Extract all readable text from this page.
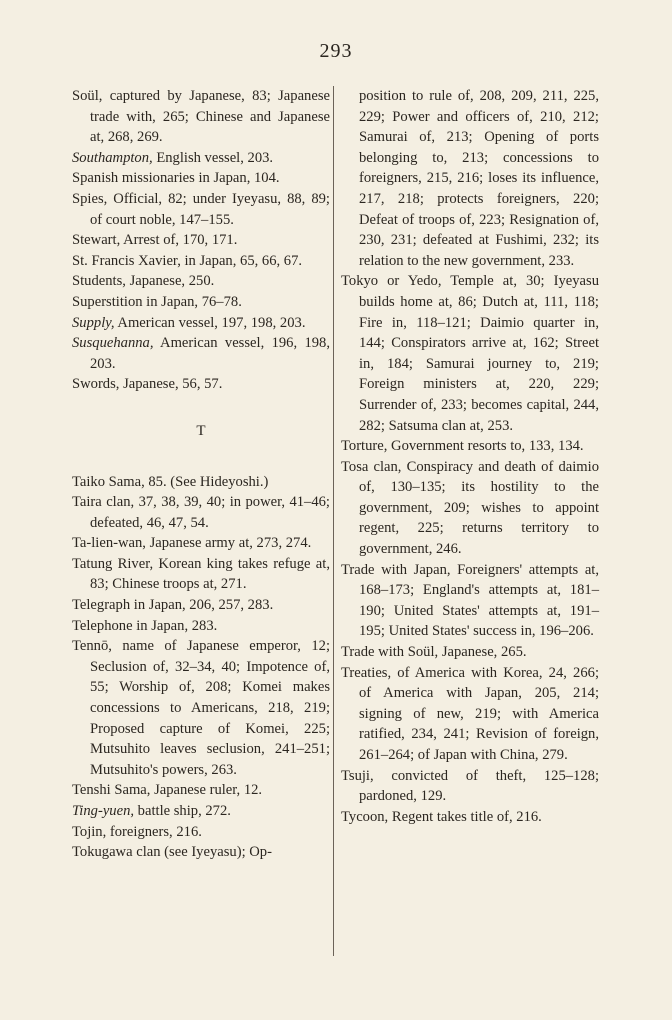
293

Soül, captured by Japanese, 83; Japanese trade with, 265; Chinese and Japanese at, 268, 269.

Southampton, English vessel, 203.

Spanish missionaries in Japan, 104.

Spies, Official, 82; under Iyeyasu, 88, 89; of court noble, 147–155.

Stewart, Arrest of, 170, 171.

St. Francis Xavier, in Japan, 65, 66, 67.

Students, Japanese, 250.

Superstition in Japan, 76–78.

Supply, American vessel, 197, 198, 203.

Susquehanna, American vessel, 196, 198, 203.

Swords, Japanese, 56, 57.

T

Taiko Sama, 85. (See Hideyoshi.)

Taira clan, 37, 38, 39, 40; in power, 41–46; defeated, 46, 47, 54.

Ta-lien-wan, Japanese army at, 273, 274.

Tatung River, Korean king takes refuge at, 83; Chinese troops at, 271.

Telegraph in Japan, 206, 257, 283.

Telephone in Japan, 283.

Tennō, name of Japanese emperor, 12; Seclusion of, 32–34, 40; Impotence of, 55; Worship of, 208; Komei makes concessions to Americans, 218, 219; Proposed capture of Komei, 225; Mutsuhito leaves seclusion, 241–251; Mutsuhito's powers, 263.

Tenshi Sama, Japanese ruler, 12.

Ting-yuen, battle ship, 272.

Tojin, foreigners, 216.

Tokugawa clan (see Iyeyasu); Op-

position to rule of, 208, 209, 211, 225, 229; Power and officers of, 210, 212; Samurai of, 213; Opening of ports belonging to, 213; concessions to foreigners, 215, 216; loses its influence, 217, 218; protects foreigners, 220; Defeat of troops of, 223; Resignation of, 230, 231; defeated at Fushimi, 232; its relation to the new government, 233.

Tokyo or Yedo, Temple at, 30; Iyeyasu builds home at, 86; Dutch at, 111, 118; Fire in, 118–121; Daimio quarter in, 144; Conspirators arrive at, 162; Street in, 184; Samurai journey to, 219; Foreign ministers at, 220, 229; Surrender of, 233; becomes capital, 244, 282; Satsuma clan at, 253.

Torture, Government resorts to, 133, 134.

Tosa clan, Conspiracy and death of daimio of, 130–135; its hostility to the government, 209; wishes to appoint regent, 225; returns territory to government, 246.

Trade with Japan, Foreigners' attempts at, 168–173; England's attempts at, 181–190; United States' attempts at, 191–195; United States' success in, 196–206.

Trade with Soül, Japanese, 265.

Treaties, of America with Korea, 24, 266; of America with Japan, 205, 214; signing of new, 219; with America ratified, 234, 241; Revision of foreign, 261–264; of Japan with China, 279.

Tsuji, convicted of theft, 125–128; pardoned, 129.

Tycoon, Regent takes title of, 216.
